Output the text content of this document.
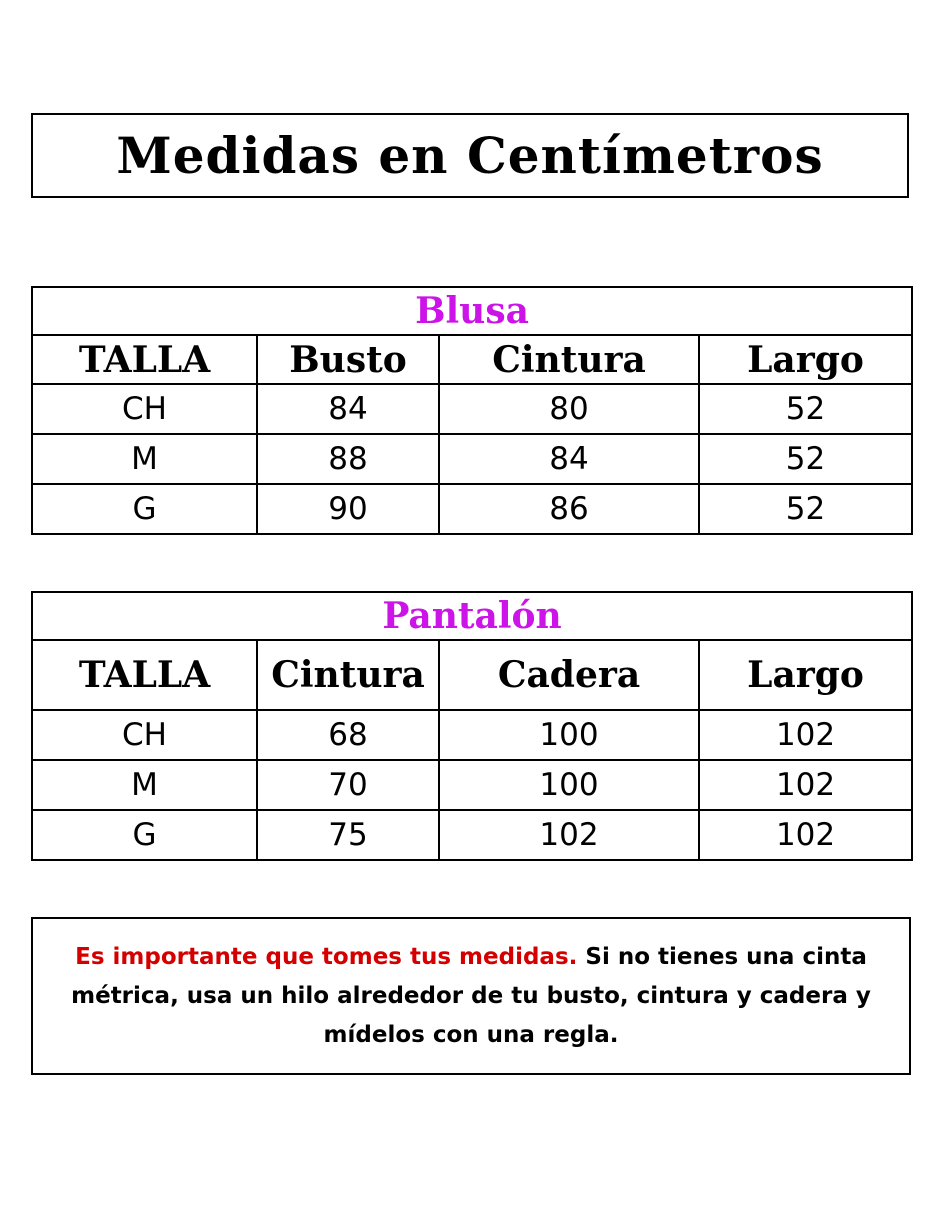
Medidas en Centímetros
Blusa			
TALLA	Busto	Cintura	Largo
CH	84	80	52
M	88	84	52
G	90	86	52
Pantalón			
TALLA	Cintura	Cadera	Largo
CH	68	100	102
M	70	100	102
G	75	102	102
Es importante que tomes tus medidas. Si no tienes una cinta métrica, usa un hilo alrededor de tu busto, cintura y cadera y mídelos con una regla.
